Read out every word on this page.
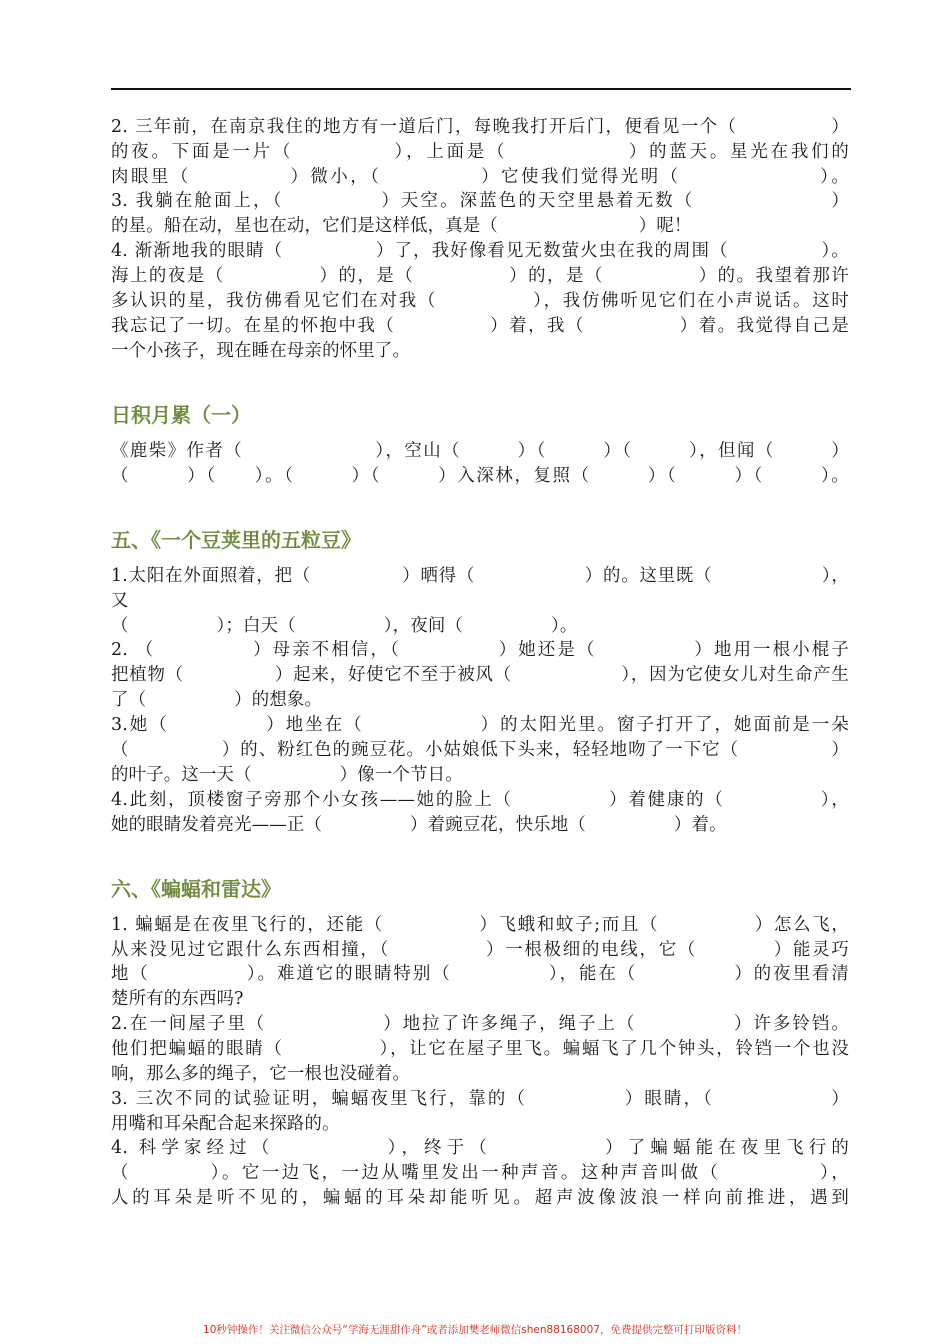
2. 三年前，在南京我住的地方有一道后门，每晚我打开后门，便看见一个（　　　　　）
的夜。下面是一片（　　　　　），上面是（　　　　　　）的蓝天。星光在我们的
肉眼里（　　　　　）微小，（　　　　　）它使我们觉得光明（　　　　　　　）。
3. 我躺在舱面上，（　　　　　）天空。深蓝色的天空里悬着无数（　　　　　　　）
的星。船在动，星也在动，它们是这样低，真是（　　　　　　　　）呢！
4. 渐渐地我的眼睛（　　　　　）了，我好像看见无数萤火虫在我的周围（　　　　　）。
海上的夜是（　　　　　）的，是（　　　　　）的，是（　　　　　）的。我望着那许
多认识的星，我仿佛看见它们在对我（　　　　　），我仿佛听见它们在小声说话。这时
我忘记了一切。在星的怀抱中我（　　　　　）着，我（　　　　　）着。我觉得自己是
一个小孩子，现在睡在母亲的怀里了。
日积月累（一）
《鹿柴》作者（　　　　　　　），空山（　　　）（　　　）（　　　），但闻（　　　）
（　　　）（　　）。（　　　）（　　　）入深林，复照（　　　）（　　　）（　　　）。
五、《一个豆荚里的五粒豆》
1.太阳在外面照着，把（　　　　　）晒得（　　　　　　）的。这里既（　　　　　　），
又
（　　　　　）；白天（　　　　　），夜间（　　　　　）。
2. （　　　　　）母亲不相信，（　　　　　）她还是（　　　　　）地用一根小棍子
把植物（　　　　　）起来，好使它不至于被风（　　　　　　），因为它使女儿对生命产生
了（　　　　　）的想象。
3.她（　　　　　）地坐在（　　　　　　）的太阳光里。窗子打开了，她面前是一朵
（　　　　　）的、粉红色的豌豆花。小姑娘低下头来，轻轻地吻了一下它（　　　　　）
的叶子。这一天（　　　　　）像一个节日。
4.此刻，顶楼窗子旁那个小女孩——她的脸上（　　　　　）着健康的（　　　　　），
她的眼睛发着亮光——正（　　　　　）着豌豆花，快乐地（　　　　　）着。
六、《蝙蝠和雷达》
1. 蝙蝠是在夜里飞行的，还能（　　　　　）飞蛾和蚊子;而且（　　　　　）怎么飞，
从来没见过它跟什么东西相撞，（　　　　　）一根极细的电线，它（　　　　）能灵巧
地（　　　　　）。难道它的眼睛特别（　　　　　），能在（　　　　　）的夜里看清
楚所有的东西吗?
2.在一间屋子里（　　　　　　）地拉了许多绳子，绳子上（　　　　　）许多铃铛。
他们把蝙蝠的眼睛（　　　　　），让它在屋子里飞。蝙蝠飞了几个钟头，铃铛一个也没
响，那么多的绳子，它一根也没碰着。
3. 三次不同的试验证明，蝙蝠夜里飞行，靠的（　　　　　）眼睛，（　　　　　　）
用嘴和耳朵配合起来探路的。
4. 科学家经过（　　　　　），终于（　　　　　）了蝙蝠能在夜里飞行的
（　　　　）。它一边飞，一边从嘴里发出一种声音。这种声音叫做（　　　　　），
人的耳朵是听不见的，蝙蝠的耳朵却能听见。超声波像波浪一样向前推进，遇到
10秒钟操作！关注微信公众号“学海无涯甜作舟”或者添加樊老师微信shen88168007，免费提供完整可打印版资料！
